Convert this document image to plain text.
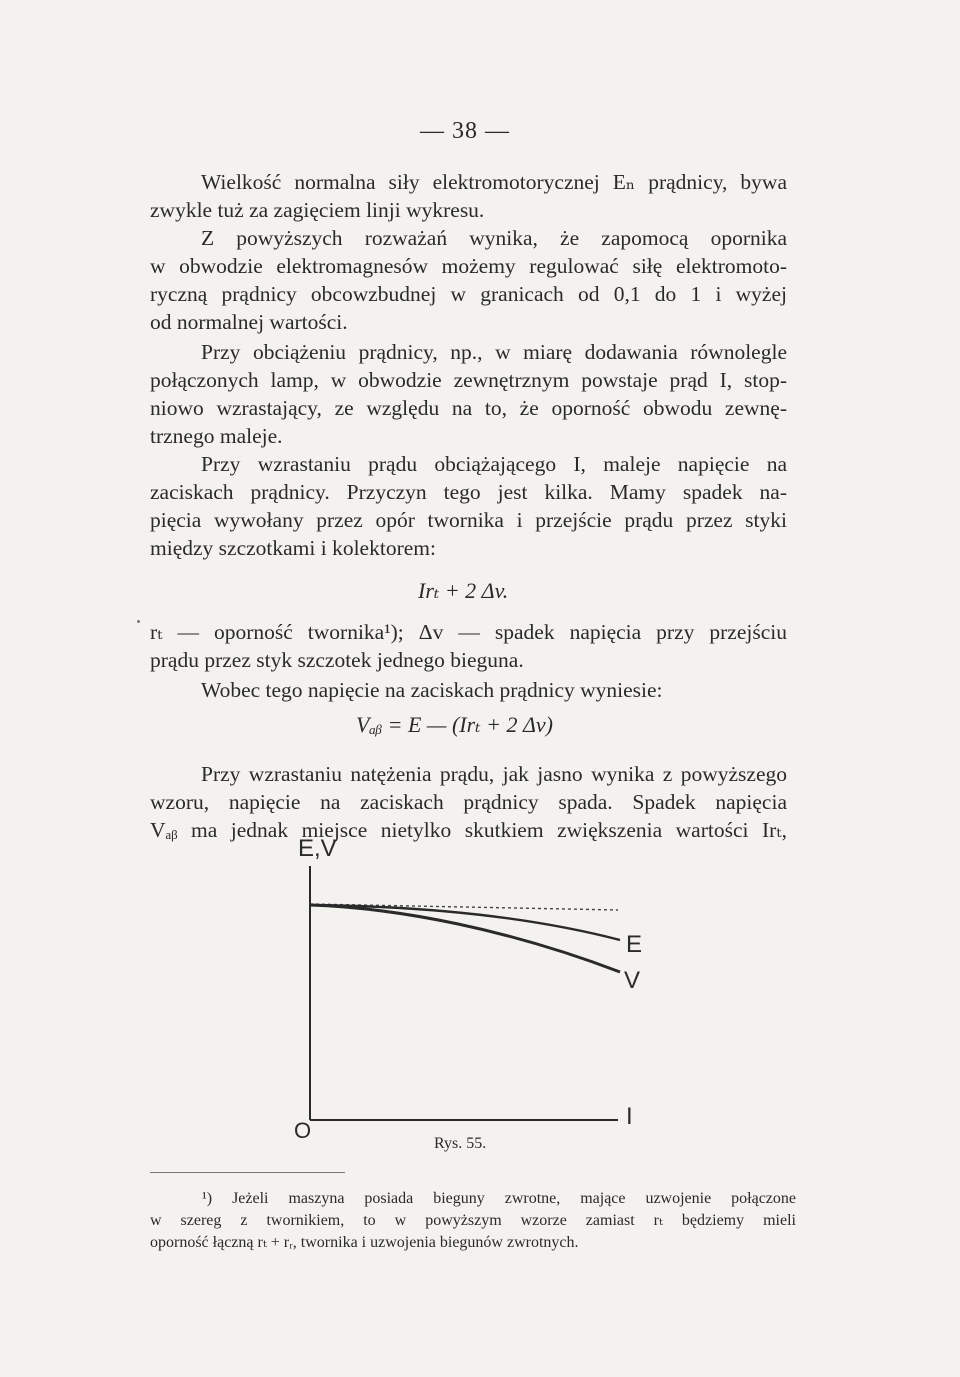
— 38 —
Wielkość normalna siły elektromotorycznej Eₙ prądnicy, bywa
zwykle tuż za zagięciem linji wykresu.
Z powyższych rozważań wynika, że zapomocą opornika
w obwodzie elektromagnesów możemy regulować siłę elektromoto-
ryczną prądnicy obcowzbudnej w granicach od 0,1 do 1 i wyżej
od normalnej wartości.
Przy obciążeniu prądnicy, np., w miarę dodawania równolegle
połączonych lamp, w obwodzie zewnętrznym powstaje prąd I, stop-
niowo wzrastający, ze względu na to, że oporność obwodu zewnę-
trznego maleje.
Przy wzrastaniu prądu obciążającego I, maleje napięcie na
zaciskach prądnicy. Przyczyn tego jest kilka. Mamy spadek na-
pięcia wywołany przez opór twornika i przejście prądu przez styki
między szczotkami i kolektorem:
Irₜ + 2 Δv.
rₜ — oporność twornika¹); Δv — spadek napięcia przy przejściu
prądu przez styk szczotek jednego bieguna.
Wobec tego napięcie na zaciskach prądnicy wyniesie:
Vₐᵦ = E — (Irₜ + 2 Δv)
Przy wzrastaniu natężenia prądu, jak jasno wynika z powyższego
wzoru, napięcie na zaciskach prądnicy spada. Spadek napięcia
Vₐᵦ ma jednak miejsce nietylko skutkiem zwiększenia wartości Irₜ,
E,V
O
I
E
V
Rys. 55.
¹) Jeżeli maszyna posiada bieguny zwrotne, mające uzwojenie połączone
w szereg z twornikiem, to w powyższym wzorze zamiast rₜ będziemy mieli
oporność łączną rₜ + rᵣ, twornika i uzwojenia biegunów zwrotnych.
